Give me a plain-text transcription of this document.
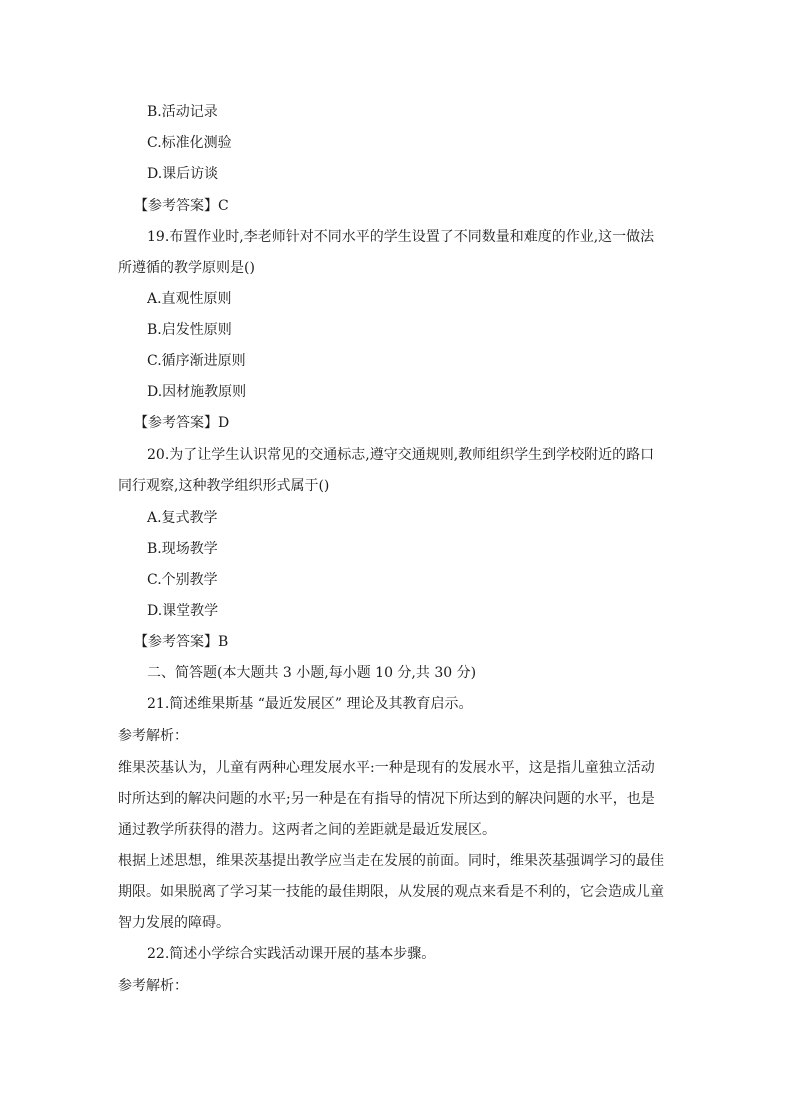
B.活动记录
C.标准化测验
D.课后访谈
【参考答案】C
19.布置作业时,李老师针对不同水平的学生设置了不同数量和难度的作业,这一做法
所遵循的教学原则是()
A.直观性原则
B.启发性原则
C.循序渐进原则
D.因材施教原则
【参考答案】D
20.为了让学生认识常见的交通标志,遵守交通规则,教师组织学生到学校附近的路口
同行观察,这种教学组织形式属于()
A.复式教学
B.现场教学
C.个别教学
D.课堂教学
【参考答案】B
二、简答题(本大题共 3 小题,每小题 10 分,共 30 分)
21.简述维果斯基 “最近发展区” 理论及其教育启示。
参考解析：
维果茨基认为，儿童有两种心理发展水平:一种是现有的发展水平，这是指儿童独立活动
时所达到的解决问题的水平;另一种是在有指导的情况下所达到的解决问题的水平，也是
通过教学所获得的潜力。这两者之间的差距就是最近发展区。
根据上述思想，维果茨基提出教学应当走在发展的前面。同时，维果茨基强调学习的最佳
期限。如果脱离了学习某一技能的最佳期限，从发展的观点来看是不利的，它会造成儿童
智力发展的障碍。
22.简述小学综合实践活动课开展的基本步骤。
参考解析：
